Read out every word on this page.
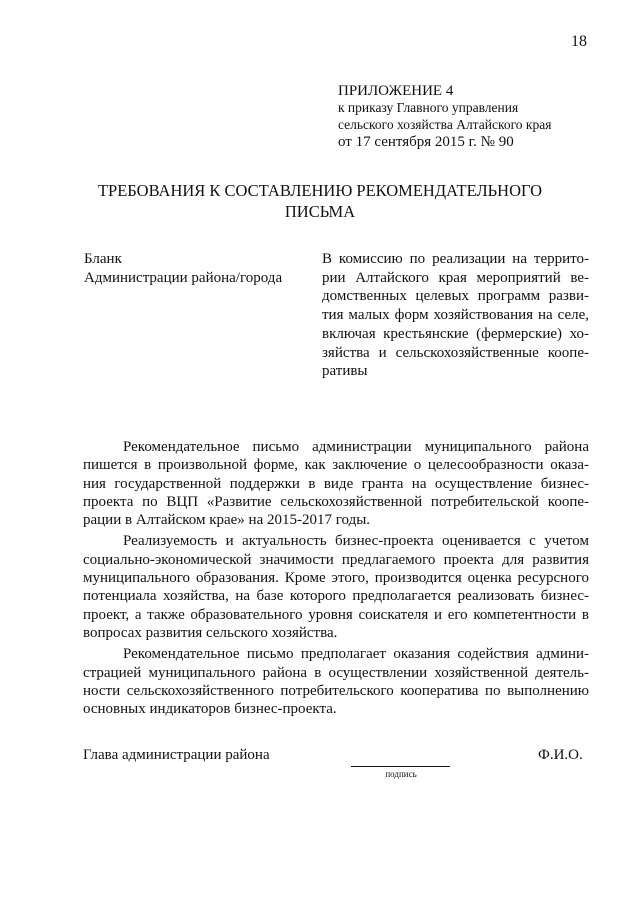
18
ПРИЛОЖЕНИЕ 4
к приказу Главного управления
сельского хозяйства Алтайского края
от 17 сентября 2015 г. № 90
ТРЕБОВАНИЯ К СОСТАВЛЕНИЮ РЕКОМЕНДАТЕЛЬНОГО
ПИСЬМА
Бланк
Администрации района/города
В комиссию по реализации на террито-
рии Алтайского края мероприятий ве-
домственных целевых программ разви-
тия малых форм хозяйствования на селе,
включая крестьянские (фермерские) хо-
зяйства и сельскохозяйственные коопе-
ративы
Рекомендательное письмо администрации муниципального района
пишется в произвольной форме, как заключение о целесообразности оказа-
ния государственной поддержки в виде гранта на осуществление бизнес-
проекта по ВЦП «Развитие сельскохозяйственной потребительской коопе-
рации в Алтайском крае» на 2015-2017 годы.
Реализуемость и актуальность бизнес-проекта оценивается с учетом
социально-экономической значимости предлагаемого проекта для развития
муниципального образования. Кроме этого, производится оценка ресурсного
потенциала хозяйства, на базе которого предполагается реализовать бизнес-
проект, а также образовательного уровня соискателя и его компетентности в
вопросах развития сельского хозяйства.
Рекомендательное письмо предполагает оказания содействия админи-
страцией муниципального района в осуществлении хозяйственной деятель-
ности сельскохозяйственного потребительского кооператива по выполнению
основных индикаторов бизнес-проекта.
Глава администрации района
подпись
Ф.И.О.
